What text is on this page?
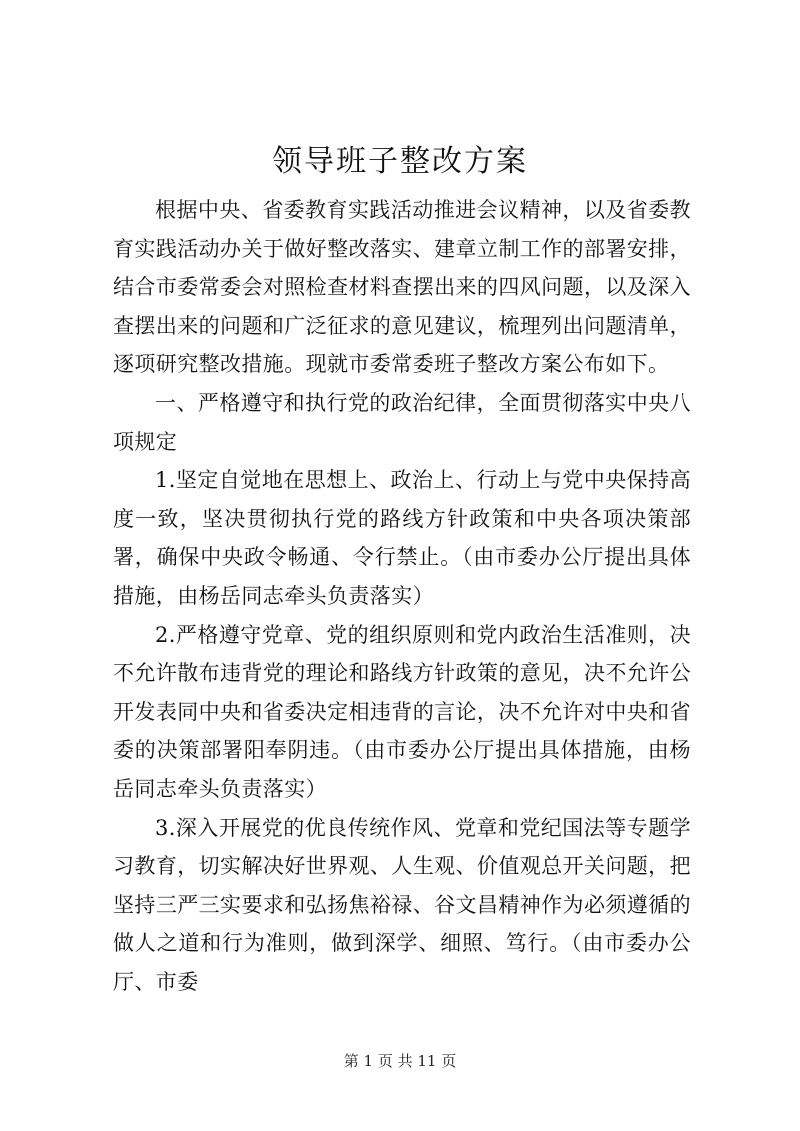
领导班子整改方案

根据中央、省委教育实践活动推进会议精神，以及省委教育实践活动办关于做好整改落实、建章立制工作的部署安排，结合市委常委会对照检查材料查摆出来的四风问题，以及深入查摆出来的问题和广泛征求的意见建议，梳理列出问题清单，逐项研究整改措施。现就市委常委班子整改方案公布如下。

一、严格遵守和执行党的政治纪律，全面贯彻落实中央八项规定

1.坚定自觉地在思想上、政治上、行动上与党中央保持高度一致，坚决贯彻执行党的路线方针政策和中央各项决策部署，确保中央政令畅通、令行禁止。（由市委办公厅提出具体措施，由杨岳同志牵头负责落实）

2.严格遵守党章、党的组织原则和党内政治生活准则，决不允许散布违背党的理论和路线方针政策的意见，决不允许公开发表同中央和省委决定相违背的言论，决不允许对中央和省委的决策部署阳奉阴违。（由市委办公厅提出具体措施，由杨岳同志牵头负责落实）

3.深入开展党的优良传统作风、党章和党纪国法等专题学习教育，切实解决好世界观、人生观、价值观总开关问题，把坚持三严三实要求和弘扬焦裕禄、谷文昌精神作为必须遵循的做人之道和行为准则，做到深学、细照、笃行。（由市委办公厅、市委

第 1 页 共 11 页
